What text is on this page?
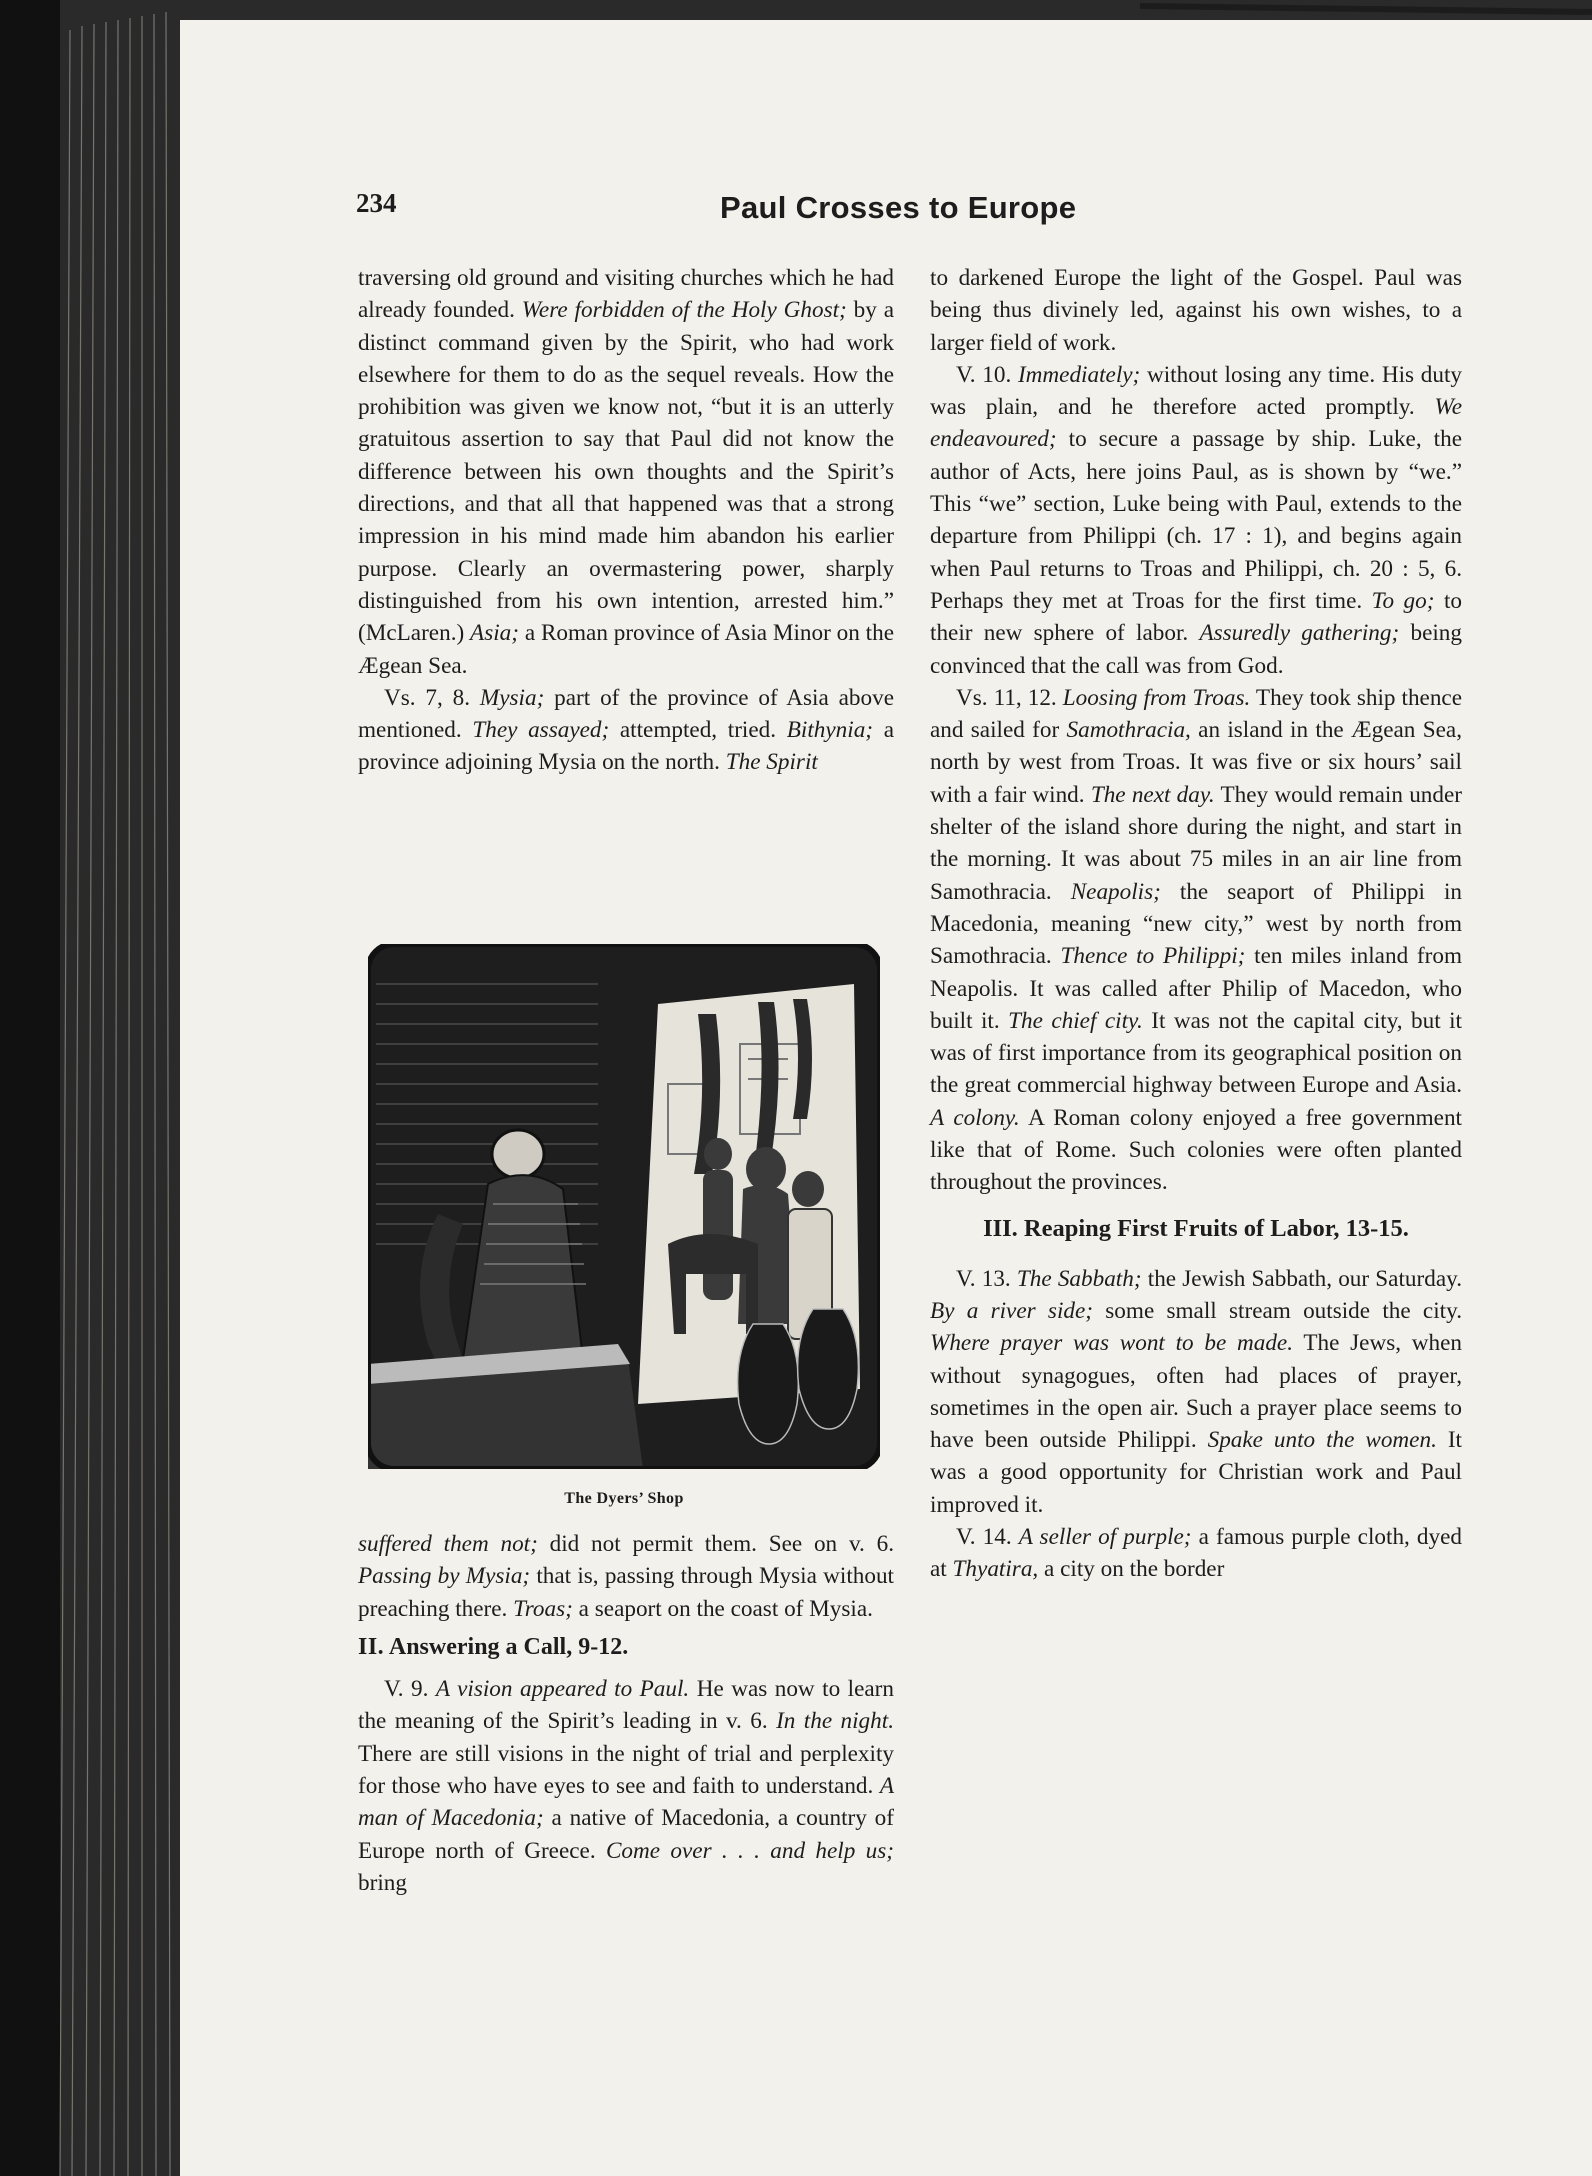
234	Paul Crosses to Europe

traversing old ground and visiting churches which he had already founded. Were forbidden of the Holy Ghost; by a distinct command given by the Spirit, who had work elsewhere for them to do as the sequel reveals. How the prohibition was given we know not, “but it is an utterly gratuitous assertion to say that Paul did not know the difference between his own thoughts and the Spirit’s directions, and that all that happened was that a strong impression in his mind made him abandon his earlier purpose. Clearly an overmastering power, sharply distinguished from his own intention, arrested him.” (McLaren.) Asia; a Roman province of Asia Minor on the Ægean Sea.

Vs. 7, 8. Mysia; part of the province of Asia above mentioned. They assayed; attempted, tried. Bithynia; a province adjoining Mysia on the north. The Spirit

The Dyers’ Shop

suffered them not; did not permit them. See on v. 6. Passing by Mysia; that is, passing through Mysia without preaching there. Troas; a seaport on the coast of Mysia.

II. Answering a Call, 9-12.

V. 9. A vision appeared to Paul. He was now to learn the meaning of the Spirit’s leading in v. 6. In the night. There are still visions in the night of trial and perplexity for those who have eyes to see and faith to understand. A man of Macedonia; a native of Macedonia, a country of Europe north of Greece. Come over . . . and help us; bring

to darkened Europe the light of the Gospel. Paul was being thus divinely led, against his own wishes, to a larger field of work.

V. 10. Immediately; without losing any time. His duty was plain, and he therefore acted promptly. We endeavoured; to secure a passage by ship. Luke, the author of Acts, here joins Paul, as is shown by “we.” This “we” section, Luke being with Paul, extends to the departure from Philippi (ch. 17 : 1), and begins again when Paul returns to Troas and Philippi, ch. 20 : 5, 6. Perhaps they met at Troas for the first time. To go; to their new sphere of labor. Assuredly gathering; being convinced that the call was from God.

Vs. 11, 12. Loosing from Troas. They took ship thence and sailed for Samothracia, an island in the Ægean Sea, north by west from Troas. It was five or six hours’ sail with a fair wind. The next day. They would remain under shelter of the island shore during the night, and start in the morning. It was about 75 miles in an air line from Samothracia. Neapolis; the seaport of Philippi in Macedonia, meaning “new city,” west by north from Samothracia. Thence to Philippi; ten miles inland from Neapolis. It was called after Philip of Macedon, who built it. The chief city. It was not the capital city, but it was of first importance from its geographical position on the great commercial highway between Europe and Asia. A colony. A Roman colony enjoyed a free government like that of Rome. Such colonies were often planted throughout the provinces.

III. Reaping First Fruits of Labor, 13-15.

V. 13. The Sabbath; the Jewish Sabbath, our Saturday. By a river side; some small stream outside the city. Where prayer was wont to be made. The Jews, when without synagogues, often had places of prayer, sometimes in the open air. Such a prayer place seems to have been outside Philippi. Spake unto the women. It was a good opportunity for Christian work and Paul improved it.

V. 14. A seller of purple; a famous purple cloth, dyed at Thyatira, a city on the border
